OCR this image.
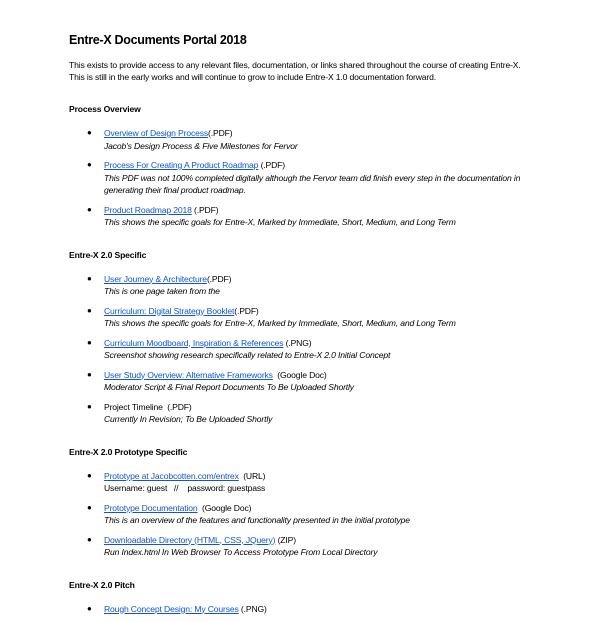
Entre-X Documents Portal 2018

This exists to provide access to any relevant files, documentation, or links shared throughout the course of creating Entre-X. This is still in the early works and will continue to grow to include Entre-X 1.0 documentation forward.

Process Overview
● Overview of Design Process(.PDF)
Jacob's Design Process & Five Milestones for Fervor
● Process For Creating A Product Roadmap (.PDF)
This PDF was not 100% completed digitally although the Fervor team did finish every step in the documentation in generating their final product roadmap.
● Product Roadmap 2018 (.PDF)
This shows the specific goals for Entre-X, Marked by Immediate, Short, Medium, and Long Term
Entre-X 2.0 Specific
● User Journey & Architecture(.PDF)
This is one page taken from the
● Curriculum: Digital Strategy Booklet(.PDF)
This shows the specific goals for Entre-X, Marked by Immediate, Short, Medium, and Long Term
● Curriculum Moodboard, Inspiration & References (.PNG)
Screenshot showing research specifically related to Entre-X 2.0 Initial Concept
● User Study Overview: Alternative Frameworks  (Google Doc)
Moderator Script & Final Report Documents To Be Uploaded Shortly
● Project Timeline  (.PDF)
Currently In Revision; To Be Uploaded Shortly
Entre-X 2.0 Prototype Specific
● Prototype at Jacobcotten.com/entrex  (URL)
Username: guest   //    password: guestpass
● Prototype Documentation  (Google Doc)
This is an overview of the features and functionality presented in the initial prototype
● Downloadable Directory (HTML, CSS, JQuery) (ZIP)
Run Index.html In Web Browser To Access Prototype From Local Directory
Entre-X 2.0 Pitch
● Rough Concept Design: My Courses (.PNG)
